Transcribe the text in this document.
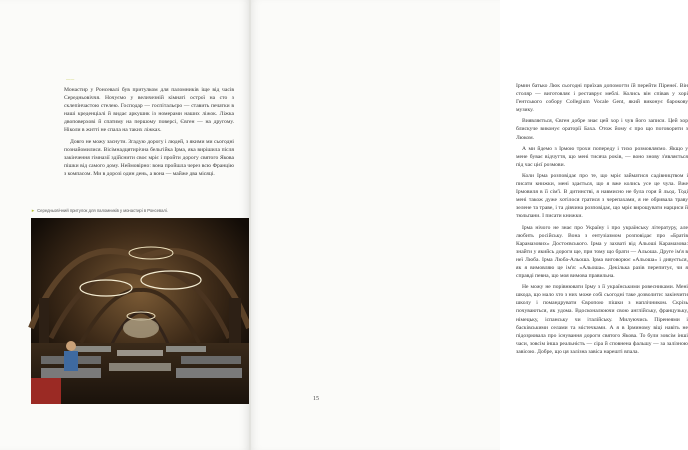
——

Монастир у Ронсевалі був притулком для паломників іще від часів Середньовіччя. Ночуємо у величезній кімнаті острої на сто з склепінчастою стелею. Господар — госпітальєро — ставить печатки в наші креденціалі й видає аркушик із номерами наших ліжок. Ліжка двоповерхові й спатиму на першому поверсі, Євген — на другому. Ніколи в житті не спала на таких ліжках.

Довго не можу заснути. Згадую дорогу і людей, з якими ми сьогодні познайомилися. Вісімнадцятирічна бельгійка Ірма, яка вирішила після закінчення гімназії здійснити своє мріє і пройти дорогу святого Якова пішки від самого дому. Неймовірно: вона пройшла через всю Францію з компасом. Ми в дорозі один день, а вона — майже два місяці.

► Середньовічний притулок для паломників у монастирі в Ронсевалі.

Ірмин батько Люк сьогодні приїхав допомогти їй перейти Піренеї. Він столяр — виготовляє і реставрує меблі. Колись він співав у хорі Гентського собору Collegium Vocale Gent, який виконує барокову музику.

Виявляється, Євген добре знає цей хор і чув його записи. Цей хор блискуче виконує ораторії Баха. Отож йому є про що поговорити з Люком.

А ми йдемо з Ірмою трохи попереду і тихо розмовляємо. Якщо у мене буває відчуття, що мені тисяча років, — воно знову з'являється під час цієї розмови.

Коли Ірма розповідає про те, що мріє займатися садівництвом і писати книжки, мені здається, що я вже колись усе це чула. Вже Ірмовиля в її сім'ї. В дитинстві, я навмисно не була горя й льод. Тоді мені також дуже хотілося гратися з черепахами, я не обривала траву зелене та траве, і та дівчина розповідає, що мріє вирощувати нарциси й тюльпани. І писати книжки.

Ірма нічого не знає про Україну і про українську літературу, але любить російську. Вона з ентузіазмом розповідає про «Братів Карамазових» Достоєвського. Ірма у захваті від Альоші Карамазова: знайти у якийсь дороги ще, при тому що брати — Альоша. Друге ім'я в неї Люба. Ірма Люба-Альоша. Ірма виговорює «Альоша» і дивується, як я вимовляю це ім'я: «Альоша». Декілька разів перепитує, чи я справді певна, що моя вимова правильна.

Не можу не порівнювати Ірму з її українськими ровесниками. Мені шкода, що мало хто з них може собі сьогодні таке дозволити: закінчити школу і помандрувати Європою пішки з наплічником. Скрізь почуваються, як удома. Вдосконалюючи свою англійську, французьку, німецьку, іспанську чи італійську. Милуючись Піренеями і басківськими селами та містечками. А я в Ірминому віці навіть не підозрювала про існування дороги святого Якова. То були зовсім інші часи, зовсім інша реальність — сіра й сповнена фальшу — за залізною завісою. Добре, що ця залізна завіса нарешті впала.

15
